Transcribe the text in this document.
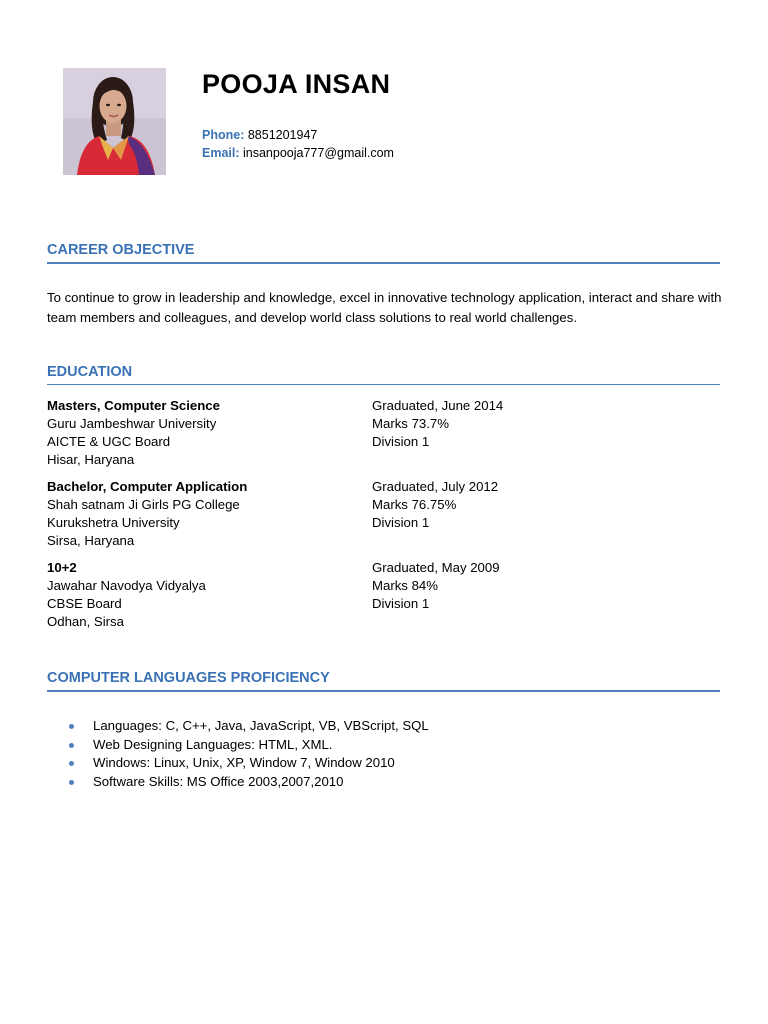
POOJA INSAN
Phone: 8851201947
Email: insanpooja777@gmail.com
CAREER OBJECTIVE
To continue to grow in leadership and knowledge, excel in innovative technology application, interact and share with team members and colleagues, and develop world class solutions to real world challenges.
EDUCATION
Masters, Computer Science
Guru Jambeshwar University
AICTE & UGC Board
Hisar, Haryana
Graduated, June 2014
Marks 73.7%
Division 1
Bachelor, Computer Application
Shah satnam Ji Girls PG College
Kurukshetra University
Sirsa, Haryana
Graduated, July 2012
Marks 76.75%
Division 1
10+2
Jawahar Navodya Vidyalya
CBSE Board
Odhan, Sirsa
Graduated, May 2009
Marks 84%
Division 1
COMPUTER LANGUAGES PROFICIENCY
Languages: C, C++, Java, JavaScript, VB, VBScript, SQL
Web Designing Languages: HTML, XML.
Windows: Linux, Unix, XP, Window 7, Window 2010
Software Skills: MS Office 2003,2007,2010
